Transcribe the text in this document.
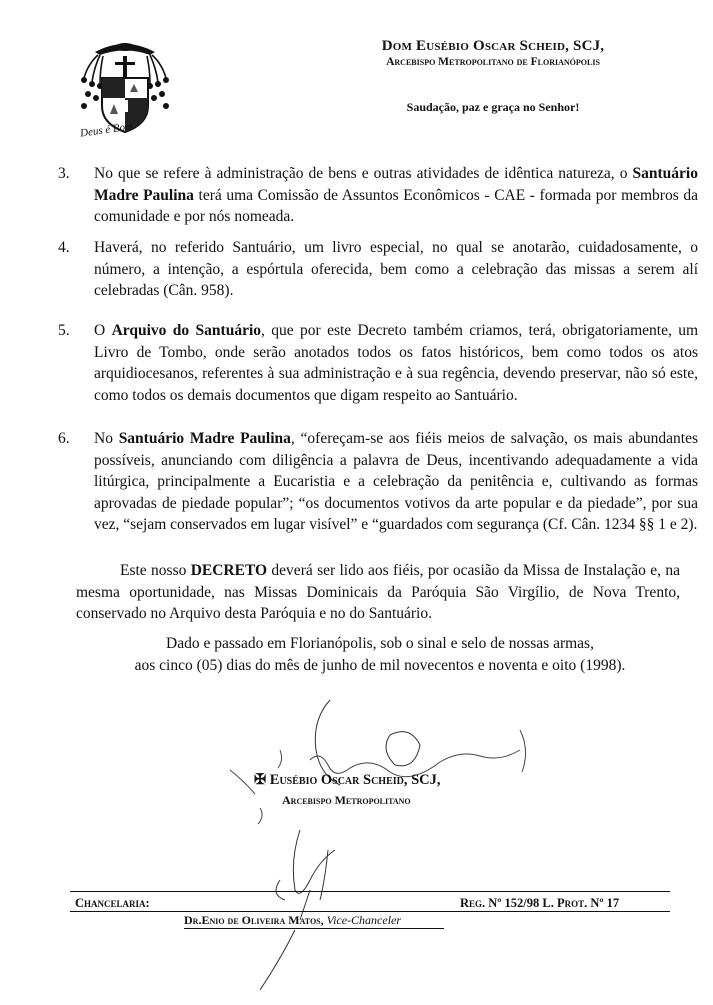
Dom Eusébio Oscar Scheid, SCJ,
Arcebispo Metropolitano de Florianópolis
Saudação, paz e graça no Senhor!
Deus é Bom
3. No que se refere à administração de bens e outras atividades de idêntica natureza, o Santuário Madre Paulina terá uma Comissão de Assuntos Econômicos - CAE - formada por membros da comunidade e por nós nomeada.
4. Haverá, no referido Santuário, um livro especial, no qual se anotarão, cuidadosamente, o número, a intenção, a espórtula oferecida, bem como a celebração das missas a serem alí celebradas (Cân. 958).
5. O Arquivo do Santuário, que por este Decreto também criamos, terá, obrigatoriamente, um Livro de Tombo, onde serão anotados todos os fatos históricos, bem como todos os atos arquidiocesanos, referentes à sua administração e à sua regência, devendo preservar, não só este, como todos os demais documentos que digam respeito ao Santuário.
6. No Santuário Madre Paulina, “ofereçam-se aos fiéis meios de salvação, os mais abundantes possíveis, anunciando com diligência a palavra de Deus, incentivando adequadamente a vida litúrgica, principalmente a Eucaristia e a celebração da penitência e, cultivando as formas aprovadas de piedade popular”; “os documentos votivos da arte popular e da piedade”, por sua vez, “sejam conservados em lugar visível” e “guardados com segurança (Cf. Cân. 1234 §§ 1 e 2).
Este nosso DECRETO deverá ser lido aos fiéis, por ocasião da Missa de Instalação e, na mesma oportunidade, nas Missas Dominicais da Paróquia São Virgílio, de Nova Trento, conservado no Arquivo desta Paróquia e no do Santuário.
Dado e passado em Florianópolis, sob o sinal e selo de nossas armas,
aos cinco (05) dias do mês de junho de mil novecentos e noventa e oito (1998).
✠ Eusébio Oscar Scheid, SCJ,
Arcebispo Metropolitano
Chancelaria:	Reg. Nº 152/98 L. Prot. Nº 17
Dr.Enio de Oliveira Matos, Vice-Chanceler
